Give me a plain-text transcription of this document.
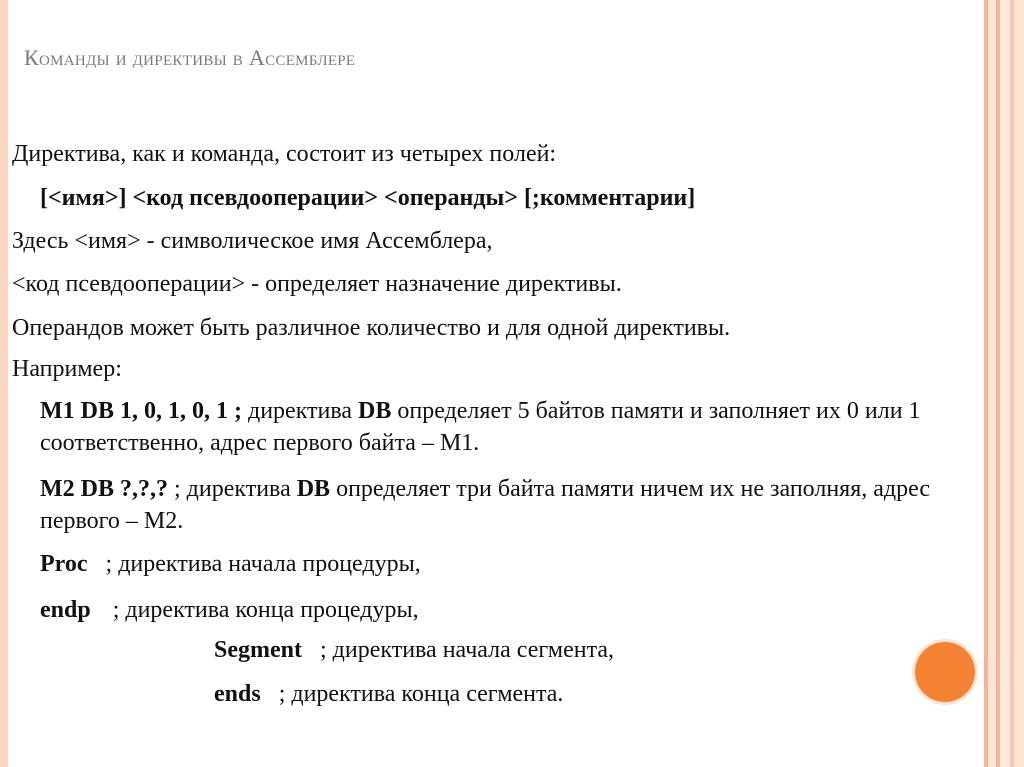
Команды и директивы в Ассемблере
Директива, как и команда, состоит из четырех полей:
[<имя>] <код псевдооперации> <операнды> [;комментарии]
Здесь <имя> - символическое имя Ассемблера,
<код псевдооперации> - определяет назначение директивы.
Операндов может быть различное количество и для одной директивы.
Например:
M1 DB 1, 0, 1, 0, 1 ; директива DB определяет 5 байтов памяти и заполняет их 0 или 1 соответственно, адрес первого байта – М1.
M2 DB ?,?,? ; директива DB определяет три байта памяти ничем их не заполняя, адрес первого – М2.
Proc ; директива начала процедуры,
endp ; директива конца процедуры,
Segment ; директива начала сегмента,
ends ; директива конца сегмента.
